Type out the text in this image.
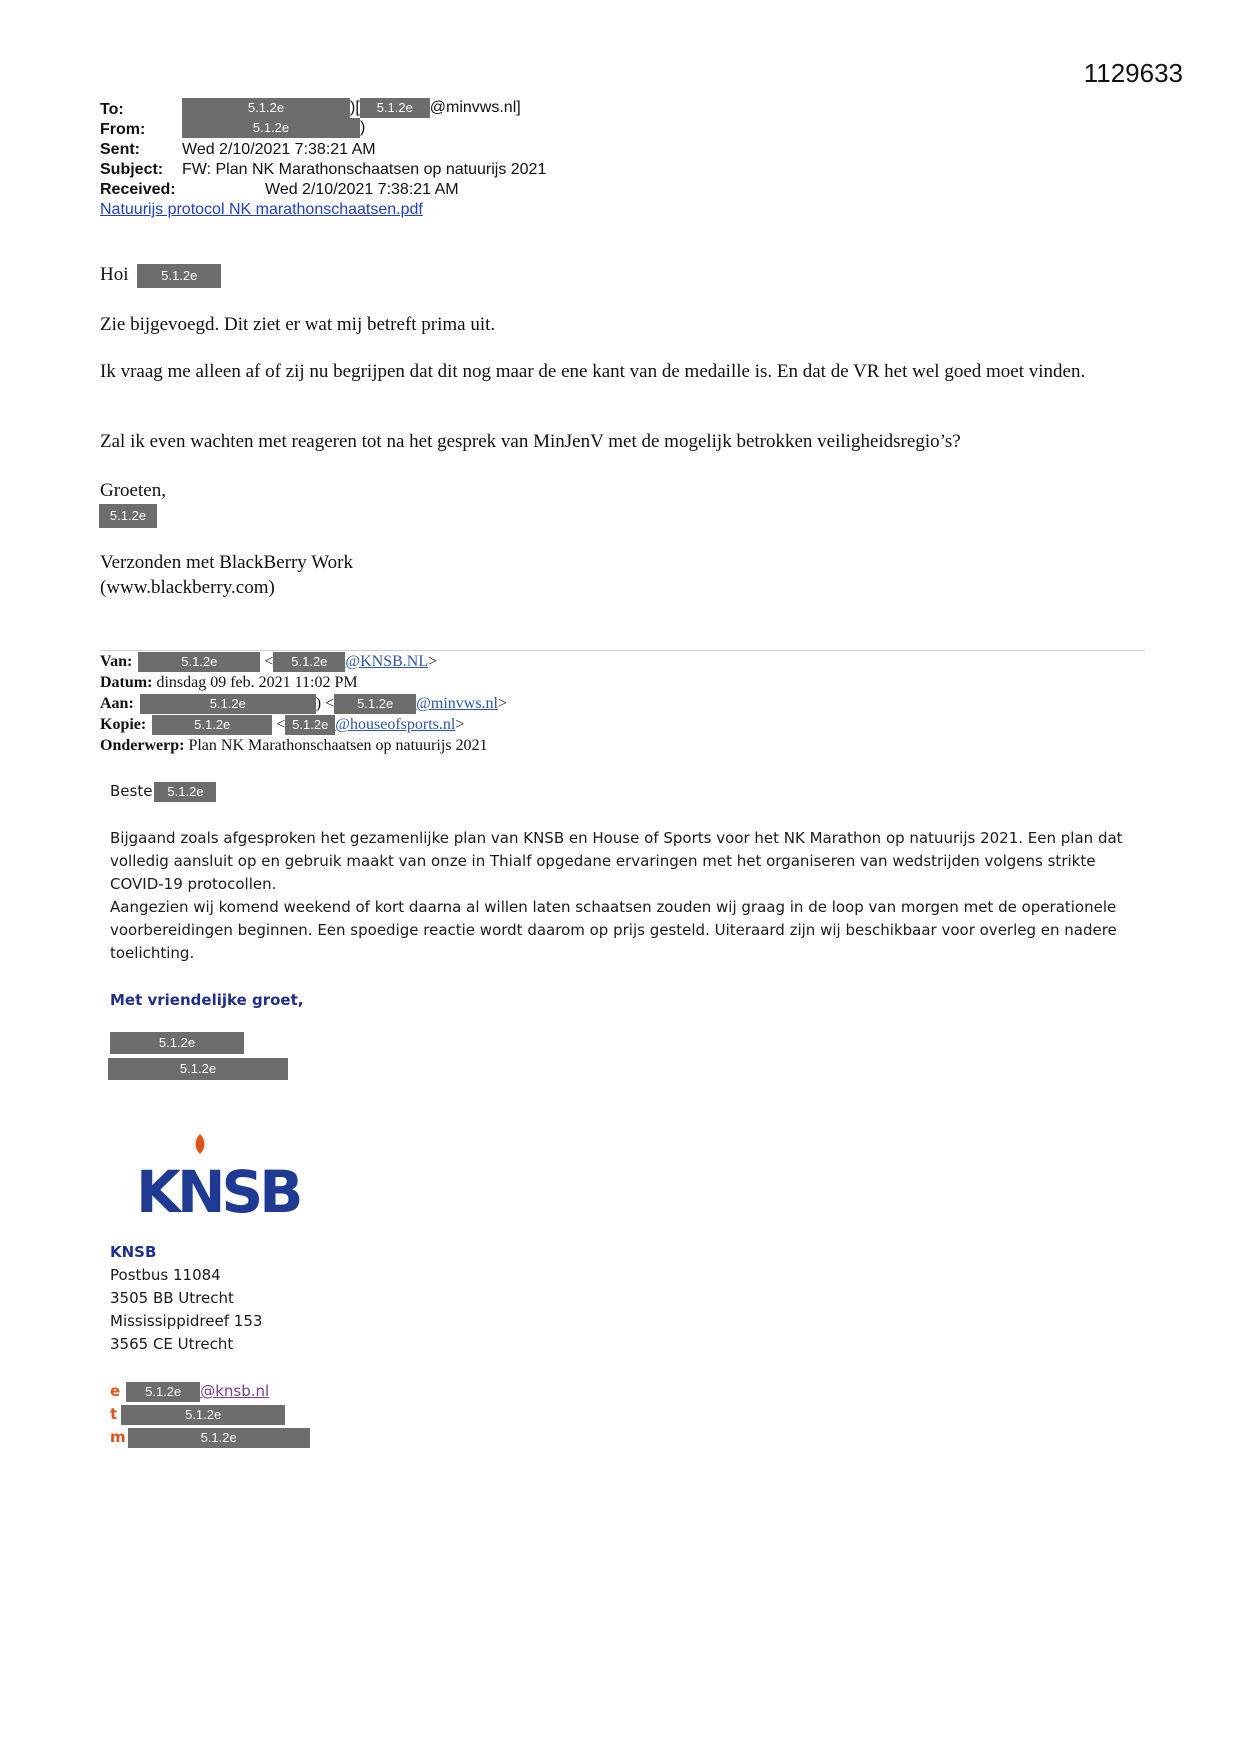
1129633
To:	5.1.2e	)[ 5.1.2e @minvws.nl]
From:	5.1.2e	)
Sent:	Wed 2/10/2021 7:38:21 AM
Subject: FW: Plan NK Marathonschaatsen op natuurijs 2021
Received:	Wed 2/10/2021 7:38:21 AM
Natuurijs protocol NK marathonschaatsen.pdf
Hoi	5.1.2e
Zie bijgevoegd. Dit ziet er wat mij betreft prima uit.
Ik vraag me alleen af of zij nu begrijpen dat dit nog maar de ene kant van de medaille is. En dat de VR het wel goed moet vinden.
Zal ik even wachten met reageren tot na het gesprek van MinJenV met de mogelijk betrokken veiligheidsregio’s?
Groeten,
5.1.2e
Verzonden met BlackBerry Work
(www.blackberry.com)
Van:	5.1.2e	< 5.1.2e @KNSB.NL>
Datum: dinsdag 09 feb. 2021 11:02 PM
Aan:	5.1.2e	) < 5.1.2e @minvws.nl>
Kopie:	5.1.2e	< 5.1.2e @houseofsports.nl>
Onderwerp: Plan NK Marathonschaatsen op natuurijs 2021
Beste 5.1.2e
Bijgaand zoals afgesproken het gezamenlijke plan van KNSB en House of Sports voor het NK Marathon op natuurijs 2021. Een plan dat volledig aansluit op en gebruik maakt van onze in Thialf opgedane ervaringen met het organiseren van wedstrijden volgens strikte COVID-19 protocollen.
Aangezien wij komend weekend of kort daarna al willen laten schaatsen zouden wij graag in de loop van morgen met de operationele voorbereidingen beginnen. Een spoedige reactie wordt daarom op prijs gesteld. Uiteraard zijn wij beschikbaar voor overleg en nadere toelichting.
Met vriendelijke groet,
5.1.2e
5.1.2e
KNSB
KNSB
Postbus 11084
3505 BB Utrecht
Mississippidreef 153
3565 CE Utrecht
e 5.1.2e @knsb.nl
t	5.1.2e
m	5.1.2e
